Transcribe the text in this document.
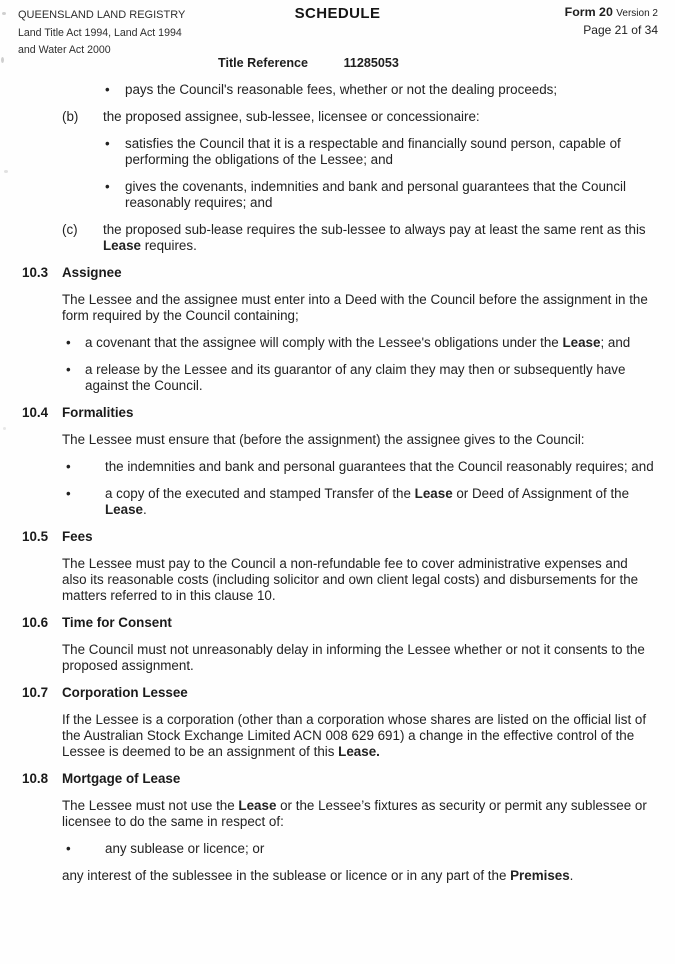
QUEENSLAND LAND REGISTRY
Land Title Act 1994, Land Act 1994
and Water Act 2000
SCHEDULE	Form 20 Version 2
Page 21 of 34
Title Reference	11285053
•	pays the Council's reasonable fees, whether or not the dealing proceeds;
(b)	the proposed assignee, sub-lessee, licensee or concessionaire:
•	satisfies the Council that it is a respectable and financially sound person, capable of performing the obligations of the Lessee; and
•	gives the covenants, indemnities and bank and personal guarantees that the Council reasonably requires; and
(c)	the proposed sub-lease requires the sub-lessee to always pay at least the same rent as this Lease requires.
10.3	Assignee
The Lessee and the assignee must enter into a Deed with the Council before the assignment in the form required by the Council containing;
•	a covenant that the assignee will comply with the Lessee's obligations under the Lease; and
•	a release by the Lessee and its guarantor of any claim they may then or subsequently have against the Council.
10.4	Formalities
The Lessee must ensure that (before the assignment) the assignee gives to the Council:
•	the indemnities and bank and personal guarantees that the Council reasonably requires; and
•	a copy of the executed and stamped Transfer of the Lease or Deed of Assignment of the Lease.
10.5	Fees
The Lessee must pay to the Council a non-refundable fee to cover administrative expenses and also its reasonable costs (including solicitor and own client legal costs) and disbursements for the matters referred to in this clause 10.
10.6	Time for Consent
The Council must not unreasonably delay in informing the Lessee whether or not it consents to the proposed assignment.
10.7	Corporation Lessee
If the Lessee is a corporation (other than a corporation whose shares are listed on the official list of the Australian Stock Exchange Limited ACN 008 629 691) a change in the effective control of the Lessee is deemed to be an assignment of this Lease.
10.8	Mortgage of Lease
The Lessee must not use the Lease or the Lessee’s fixtures as security or permit any sublessee or licensee to do the same in respect of:
•	any sublease or licence; or
any interest of the sublessee in the sublease or licence or in any part of the Premises.
